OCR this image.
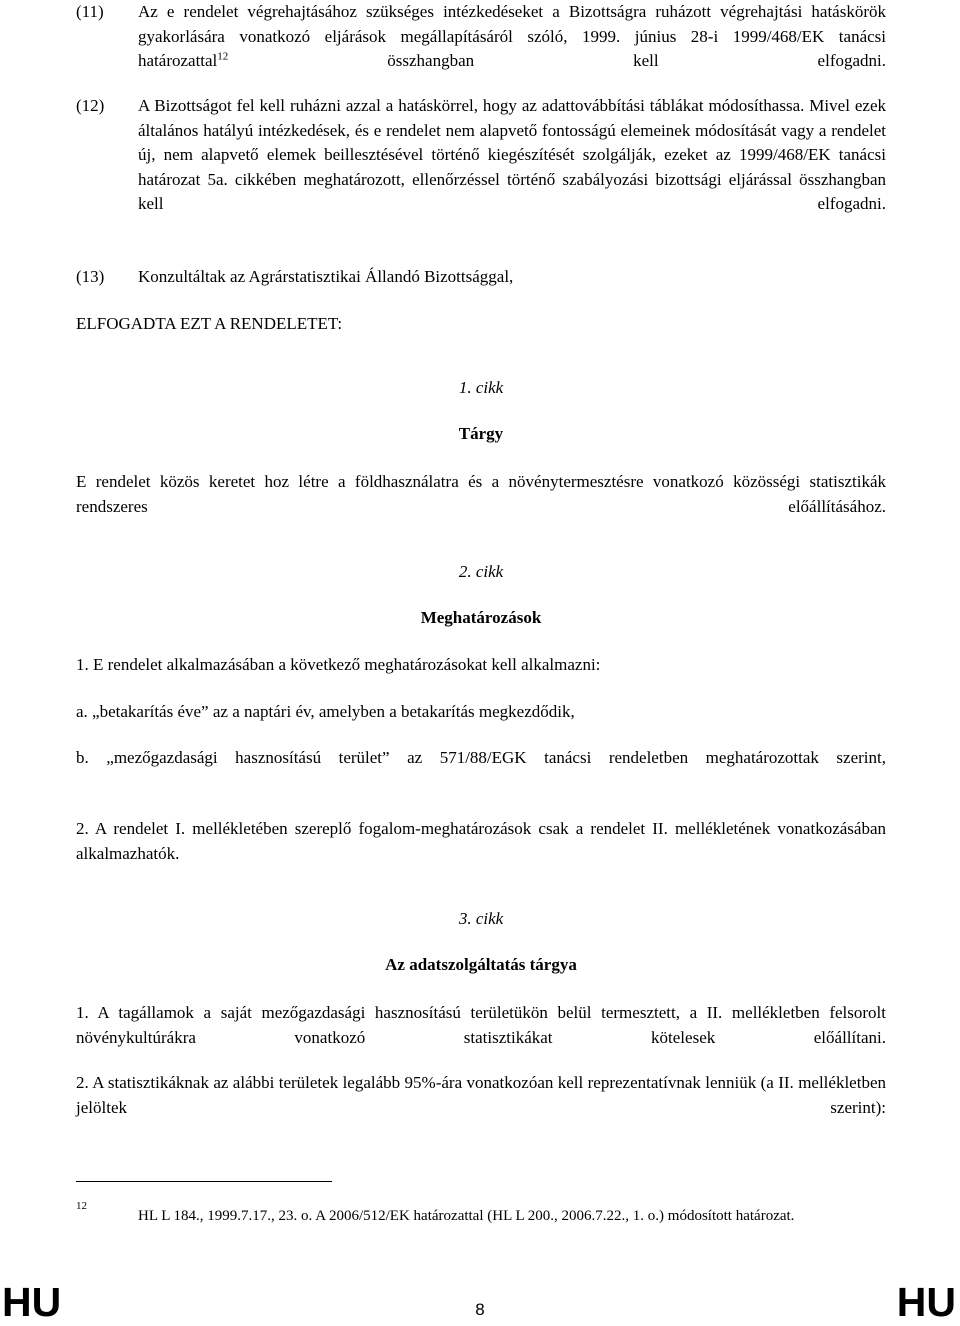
(11) Az e rendelet végrehajtásához szükséges intézkedéseket a Bizottságra ruházott végrehajtási hatáskörök gyakorlására vonatkozó eljárások megállapításáról szóló, 1999. június 28-i 1999/468/EK tanácsi határozattal$^{12}$ összhangban kell elfogadni.
(12) A Bizottságot fel kell ruházni azzal a hatáskörrel, hogy az adattovábbítási táblákat módosíthassa. Mivel ezek általános hatályú intézkedések, és e rendelet nem alapvető fontosságú elemeinek módosítását vagy a rendelet új, nem alapvető elemek beillesztésével történő kiegészítését szolgálják, ezeket az 1999/468/EK tanácsi határozat 5a. cikkében meghatározott, ellenőrzéssel történő szabályozási bizottsági eljárással összhangban kell elfogadni.
(13) Konzultáltak az Agrárstatisztikai Állandó Bizottsággal,
ELFOGADTA EZT A RENDELETET:
1. cikk
Tárgy
E rendelet közös keretet hoz létre a földhasználatra és a növénytermesztésre vonatkozó közösségi statisztikák rendszeres előállításához.
2. cikk
Meghatározások
1. E rendelet alkalmazásában a következő meghatározásokat kell alkalmazni:
a. „betakarítás éve” az a naptári év, amelyben a betakarítás megkezdődik,
b. „mezőgazdasági hasznosítású terület” az 571/88/EGK tanácsi rendeletben meghatározottak szerint,
2. A rendelet I. mellékletében szereplő fogalom-meghatározások csak a rendelet II. mellékletének vonatkozásában alkalmazhatók.
3. cikk
Az adatszolgáltatás tárgya
1. A tagállamok a saját mezőgazdasági hasznosítású területükön belül termesztett, a II. mellékletben felsorolt növénykultúrákra vonatkozó statisztikákat kötelesek előállítani.
2. A statisztikáknak az alábbi területek legalább 95%-ára vonatkozóan kell reprezentatívnak lenniük (a II. mellékletben jelöltek szerint):
12
HL L 184., 1999.7.17., 23. o. A 2006/512/EK határozattal (HL L 200., 2006.7.22., 1. o.) módosított határozat.
HU	8	HU
